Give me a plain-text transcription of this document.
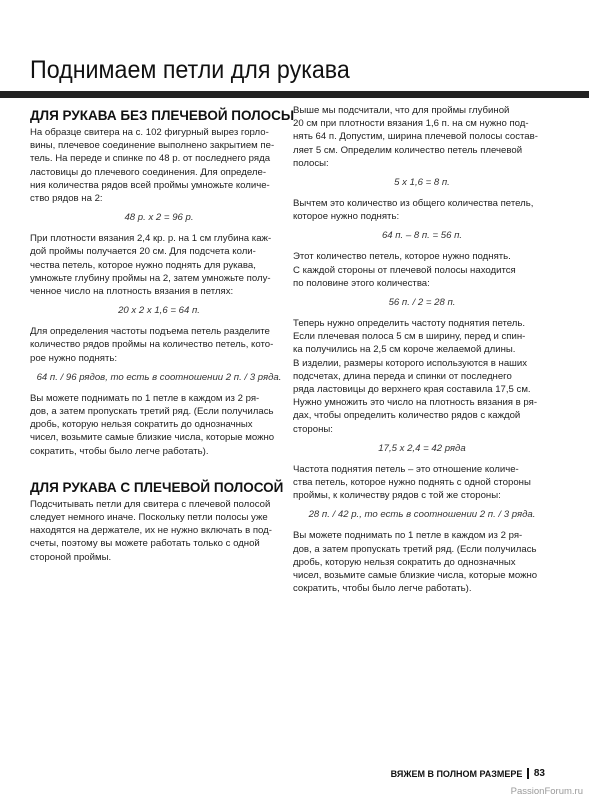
Поднимаем петли для рукава
ДЛЯ РУКАВА БЕЗ ПЛЕЧЕВОЙ ПОЛОСЫ
На образце свитера на с. 102 фигурный вырез горло-
вины, плечевое соединение выполнено закрытием пе-
тель. На переде и спинке по 48 р. от последнего ряда
ластовицы до плечевого соединения. Для определе-
ния количества рядов всей проймы умножьте количе-
ство рядов на 2:
48 р. х 2 = 96 р.
При плотности вязания 2,4 кр. р. на 1 см глубина каж-
дой проймы получается 20 см. Для подсчета коли-
чества петель, которое нужно поднять для рукава,
умножьте глубину проймы на 2, затем умножьте полу-
ченное число на плотность вязания в петлях:
20 х 2 х 1,6 = 64 п.
Для определения частоты подъема петель разделите
количество рядов проймы на количество петель, кото-
рое нужно поднять:
64 п. / 96 рядов, то есть в соотношении 2 п. / 3 ряда.
Вы можете поднимать по 1 петле в каждом из 2 ря-
дов, а затем пропускать третий ряд. (Если получилась
дробь, которую нельзя сократить до однозначных
чисел, возьмите самые близкие числа, которые можно
сократить, чтобы было легче работать).
ДЛЯ РУКАВА С ПЛЕЧЕВОЙ ПОЛОСОЙ
Подсчитывать петли для свитера с плечевой полосой
следует немного иначе. Поскольку петли полосы уже
находятся на держателе, их не нужно включать в под-
счеты, поэтому вы можете работать только с одной
стороной проймы.
Выше мы подсчитали, что для проймы глубиной
20 см при плотности вязания 1,6 п. на см нужно под-
нять 64 п. Допустим, ширина плечевой полосы состав-
ляет 5 см. Определим количество петель плечевой
полосы:
5 х 1,6 = 8 п.
Вычтем это количество из общего количества петель,
которое нужно поднять:
64 п. – 8 п. = 56 п.
Этот количество петель, которое нужно поднять.
С каждой стороны от плечевой полосы находится
по половине этого количества:
56 п. / 2 = 28 п.
Теперь нужно определить частоту поднятия петель.
Если плечевая полоса 5 см в ширину, перед и спин-
ка получились на 2,5 см короче желаемой длины.
В изделии, размеры которого используются в наших
подсчетах, длина переда и спинки от последнего
ряда ластовицы до верхнего края составила 17,5 см.
Нужно умножить это число на плотность вязания в ря-
дах, чтобы определить количество рядов с каждой
стороны:
17,5 х 2,4 = 42 ряда
Частота поднятия петель – это отношение количе-
ства петель, которое нужно поднять с одной стороны
проймы, к количеству рядов с той же стороны:
28 п. / 42 р., то есть в соотношении 2 п. / 3 ряда.
Вы можете поднимать по 1 петле в каждом из 2 ря-
дов, а затем пропускать третий ряд. (Если получилась
дробь, которую нельзя сократить до однозначных
чисел, возьмите самые близкие числа, которые можно
сократить, чтобы было легче работать).
ВЯЖЕМ В ПОЛНОМ РАЗМЕРЕ 83
PassionForum.ru
